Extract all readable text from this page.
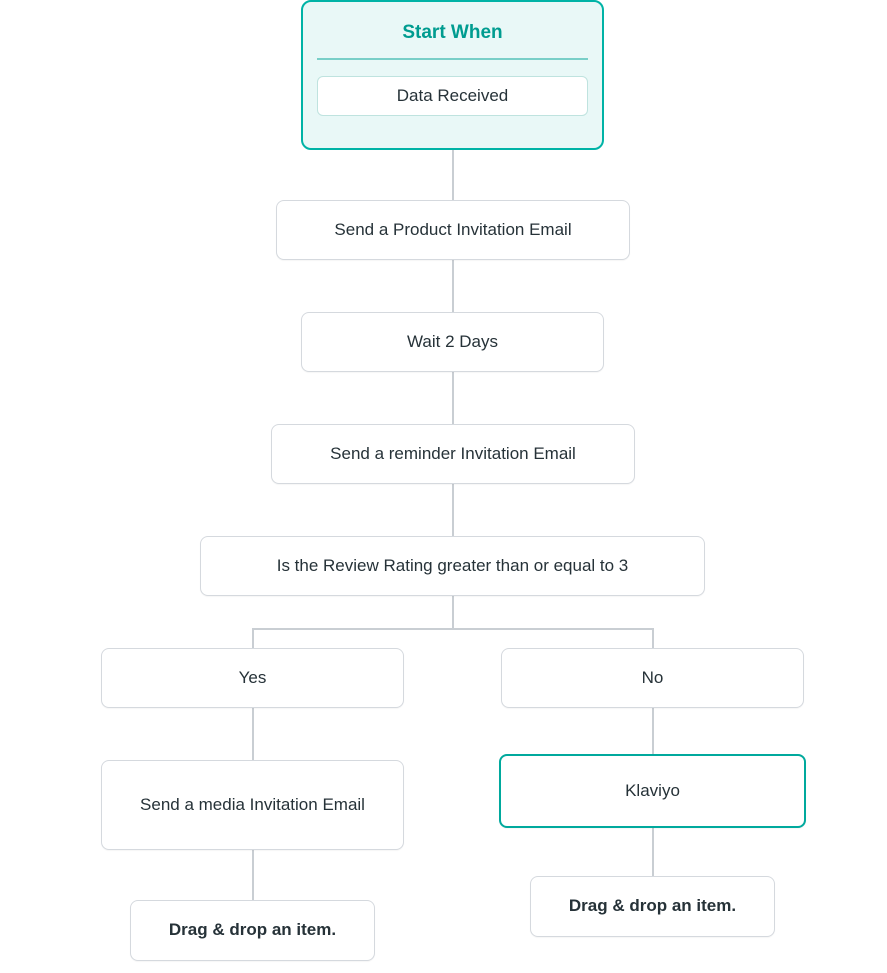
Start When
Data Received
Send a Product Invitation Email
Wait 2 Days
Send a reminder Invitation Email
Is the Review Rating greater than or equal to 3
Yes	No
Send a media Invitation Email
Klaviyo
Drag & drop an item.
Drag & drop an item.
